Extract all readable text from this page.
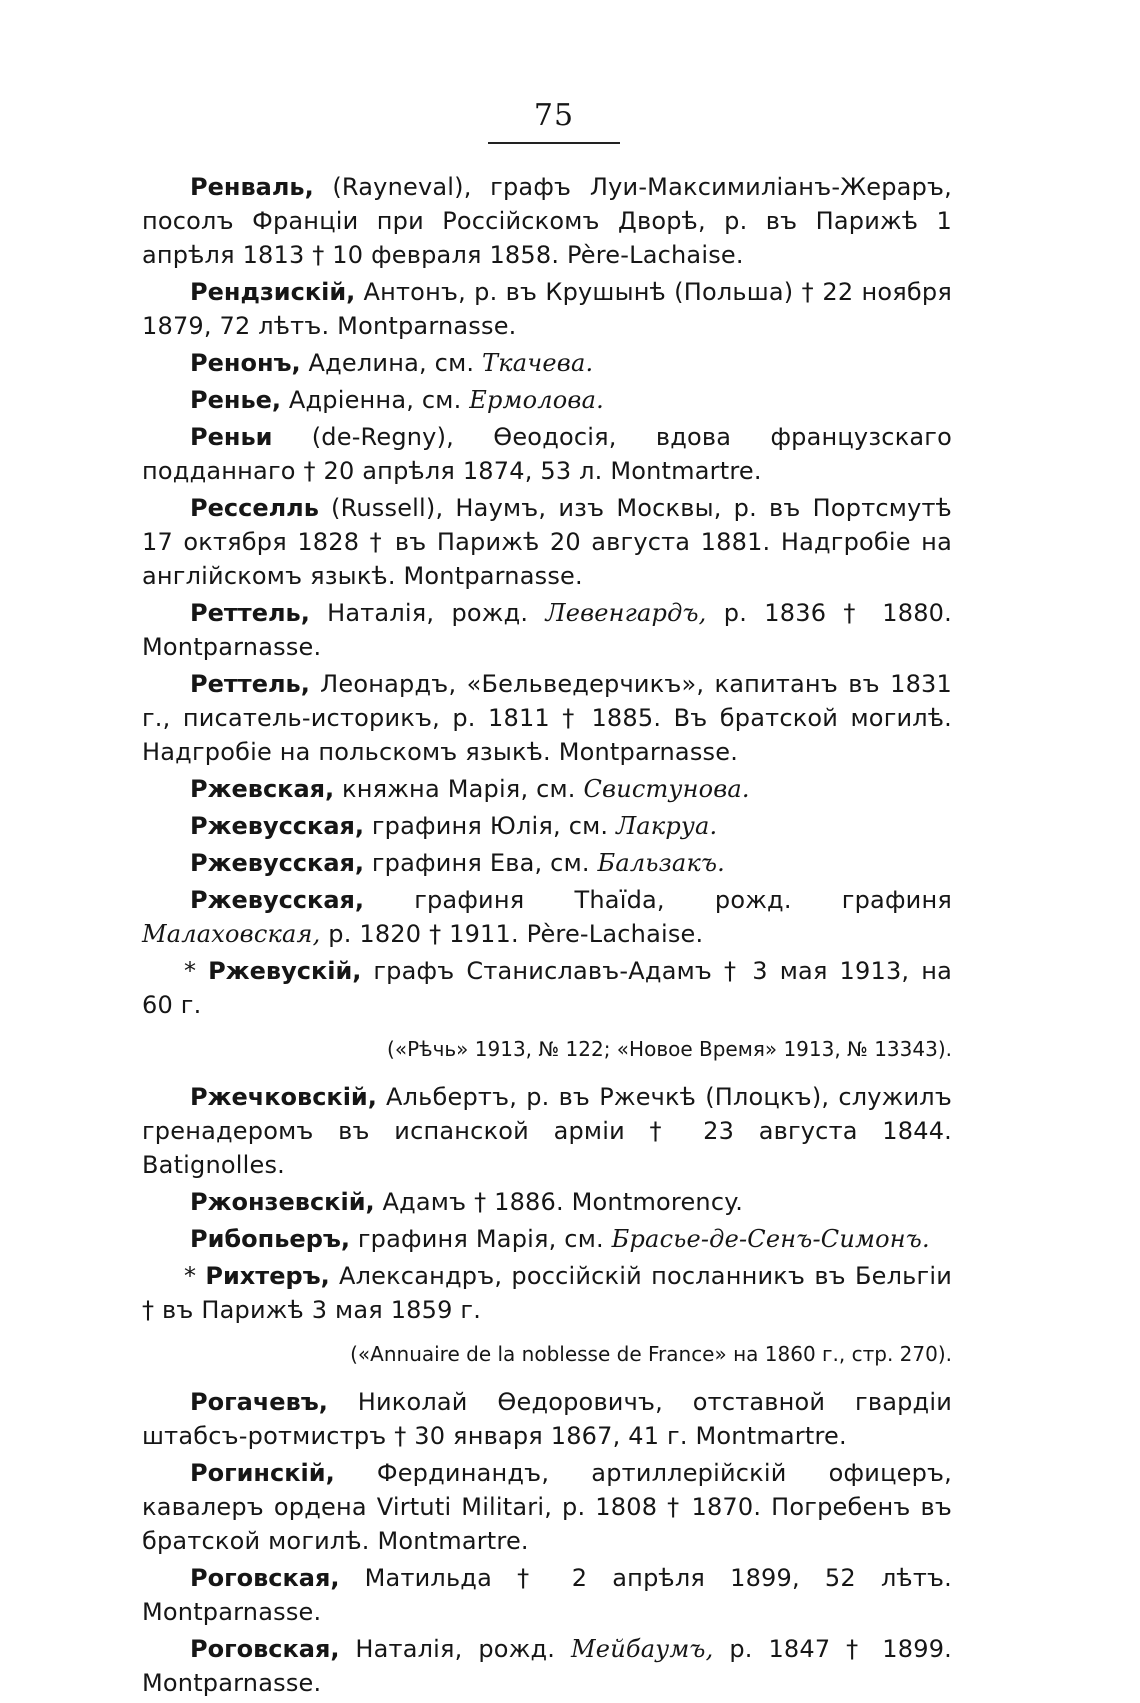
75

Ренваль, (Rayneval), графъ Луи-Максимиліанъ-Жераръ, посолъ Франціи при Россійскомъ Дворѣ, р. въ Парижѣ 1 апрѣля 1813 † 10 февраля 1858. Père-Lachaise.

Рендзискій, Антонъ, р. въ Крушынѣ (Польша) † 22 ноября 1879, 72 лѣтъ. Montparnasse.

Ренонъ, Аделина, см. Ткачева.

Ренье, Адріенна, см. Ермолова.

Реньи (de-Regny), Өеодосія, вдова французскаго подданнаго † 20 апрѣля 1874, 53 л. Montmartre.

Ресселль (Russell), Наумъ, изъ Москвы, р. въ Портсмутѣ 17 октября 1828 † въ Парижѣ 20 августа 1881. Надгробіе на англійскомъ языкѣ. Montparnasse.

Реттель, Наталія, рожд. Левенгардъ, р. 1836 † 1880. Montparnasse.

Реттель, Леонардъ, «Бельведерчикъ», капитанъ въ 1831 г., писатель-историкъ, р. 1811 † 1885. Въ братской могилѣ. Надгробіе на польскомъ языкѣ. Montparnasse.

Ржевская, княжна Марія, см. Свистунова.

Ржевусская, графиня Юлія, см. Лакруа.

Ржевусская, графиня Ева, см. Бальзакъ.

Ржевусская, графиня Thaïda, рожд. графиня Малаховская, р. 1820 † 1911. Père-Lachaise.

* Ржевускій, графъ Станиславъ-Адамъ † 3 мая 1913, на 60 г.

(«Рѣчь» 1913, № 122; «Новое Время» 1913, № 13343).

Ржечковскій, Альбертъ, р. въ Ржечкѣ (Плоцкъ), служилъ гренадеромъ въ испанской арміи † 23 августа 1844. Batignolles.

Ржонзевскій, Адамъ † 1886. Montmorency.

Рибопьеръ, графиня Марія, см. Брасье-де-Сенъ-Симонъ.

* Рихтеръ, Александръ, россійскій посланникъ въ Бельгіи † въ Парижѣ 3 мая 1859 г.

(«Annuaire de la noblesse de France» на 1860 г., стр. 270).

Рогачевъ, Николай Өедоровичъ, отставной гвардіи штабсъ-ротмистръ † 30 января 1867, 41 г. Montmartre.

Рогинскій, Фердинандъ, артиллерійскій офицеръ, кавалеръ ордена Virtuti Militari, р. 1808 † 1870. Погребенъ въ братской могилѣ. Montmartre.

Роговская, Матильда † 2 апрѣля 1899, 52 лѣтъ. Montparnasse.

Роговская, Наталія, рожд. Мейбаумъ, р. 1847 † 1899. Montparnasse.
